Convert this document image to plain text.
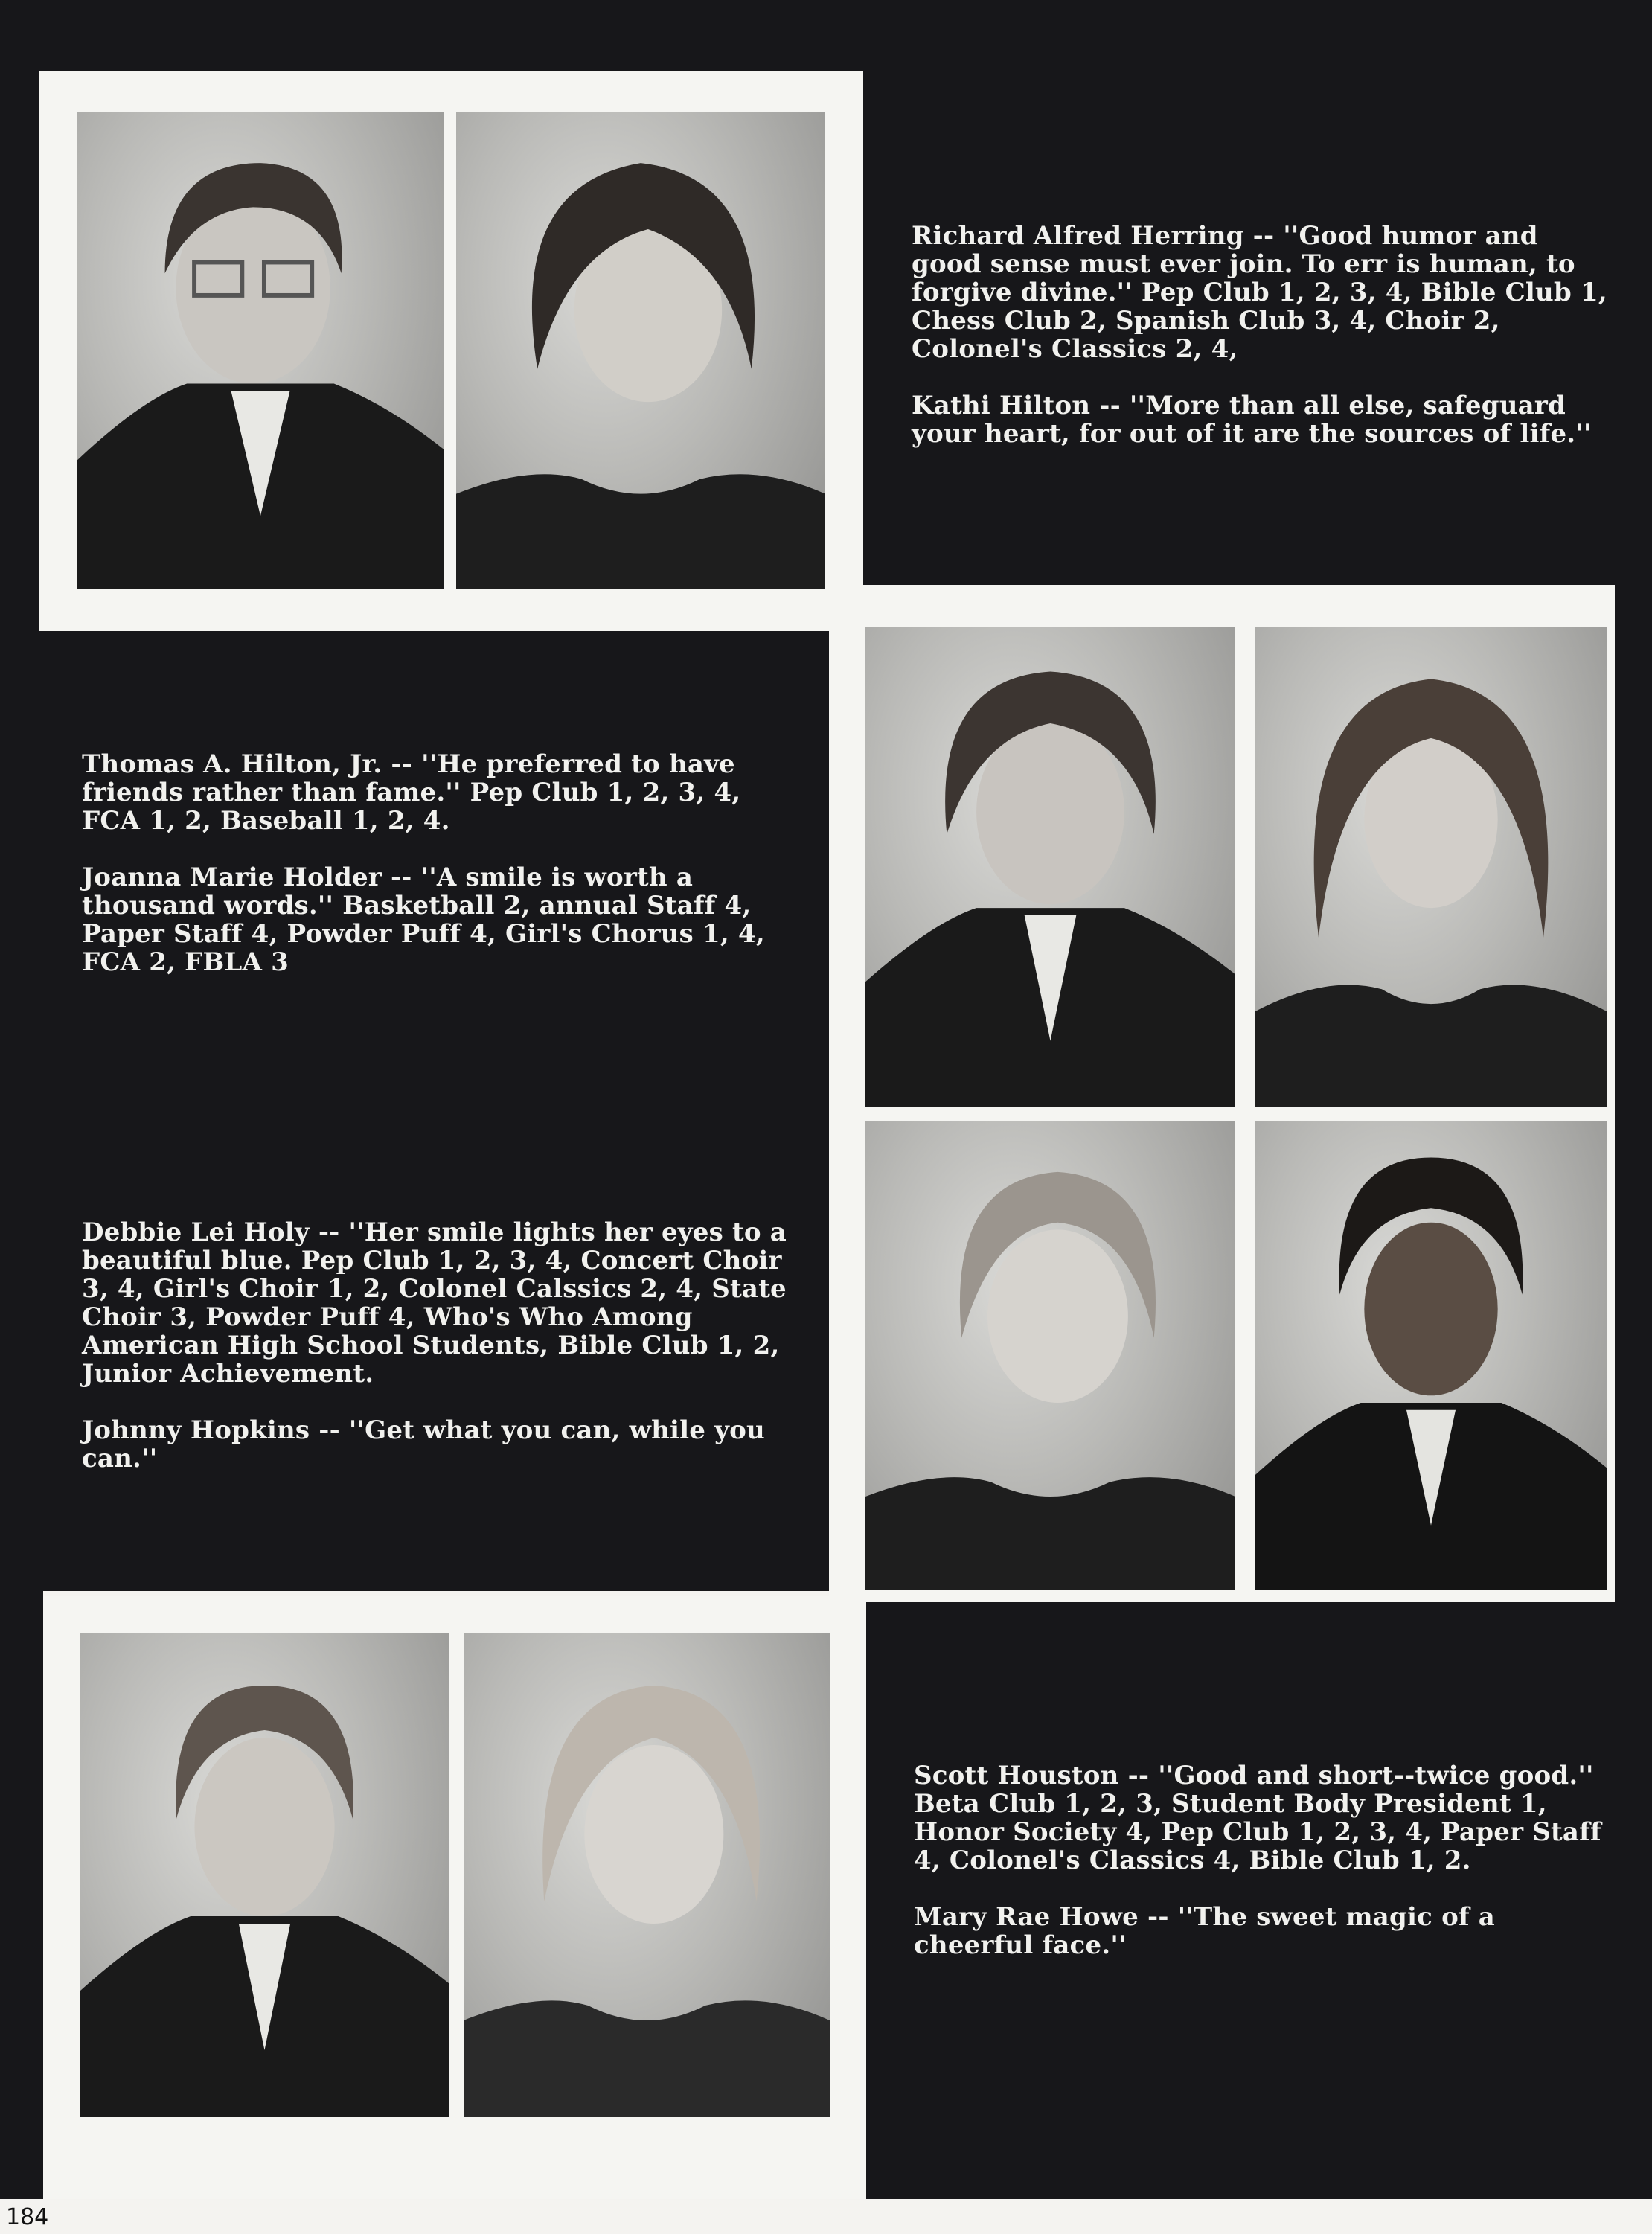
Richard Alfred Herring -- ''Good humor and good sense must ever join. To err is human, to forgive divine.'' Pep Club 1, 2, 3, 4, Bible Club 1, Chess Club 2, Spanish Club 3, 4, Choir 2, Colonel's Classics 2, 4,

Kathi Hilton -- ''More than all else, safeguard your heart, for out of it are the sources of life.''

Thomas A. Hilton, Jr. -- ''He preferred to have friends rather than fame.'' Pep Club 1, 2, 3, 4, FCA 1, 2, Baseball 1, 2, 4.

Joanna Marie Holder -- ''A smile is worth a thousand words.'' Basketball 2, annual Staff 4, Paper Staff 4, Powder Puff 4, Girl's Chorus 1, 4, FCA 2, FBLA 3

Debbie Lei Holy -- ''Her smile lights her eyes to a beautiful blue. Pep Club 1, 2, 3, 4, Concert Choir 3, 4, Girl's Choir 1, 2, Colonel Calssics 2, 4, State Choir 3, Powder Puff 4, Who's Who Among American High School Students, Bible Club 1, 2, Junior Achievement.

Johnny Hopkins -- ''Get what you can, while you can.''

Scott Houston -- ''Good and short--twice good.'' Beta Club 1, 2, 3, Student Body President 1, Honor Society 4, Pep Club 1, 2, 3, 4, Paper Staff 4, Colonel's Classics 4, Bible Club 1, 2.

Mary Rae Howe -- ''The sweet magic of a cheerful face.''

184
